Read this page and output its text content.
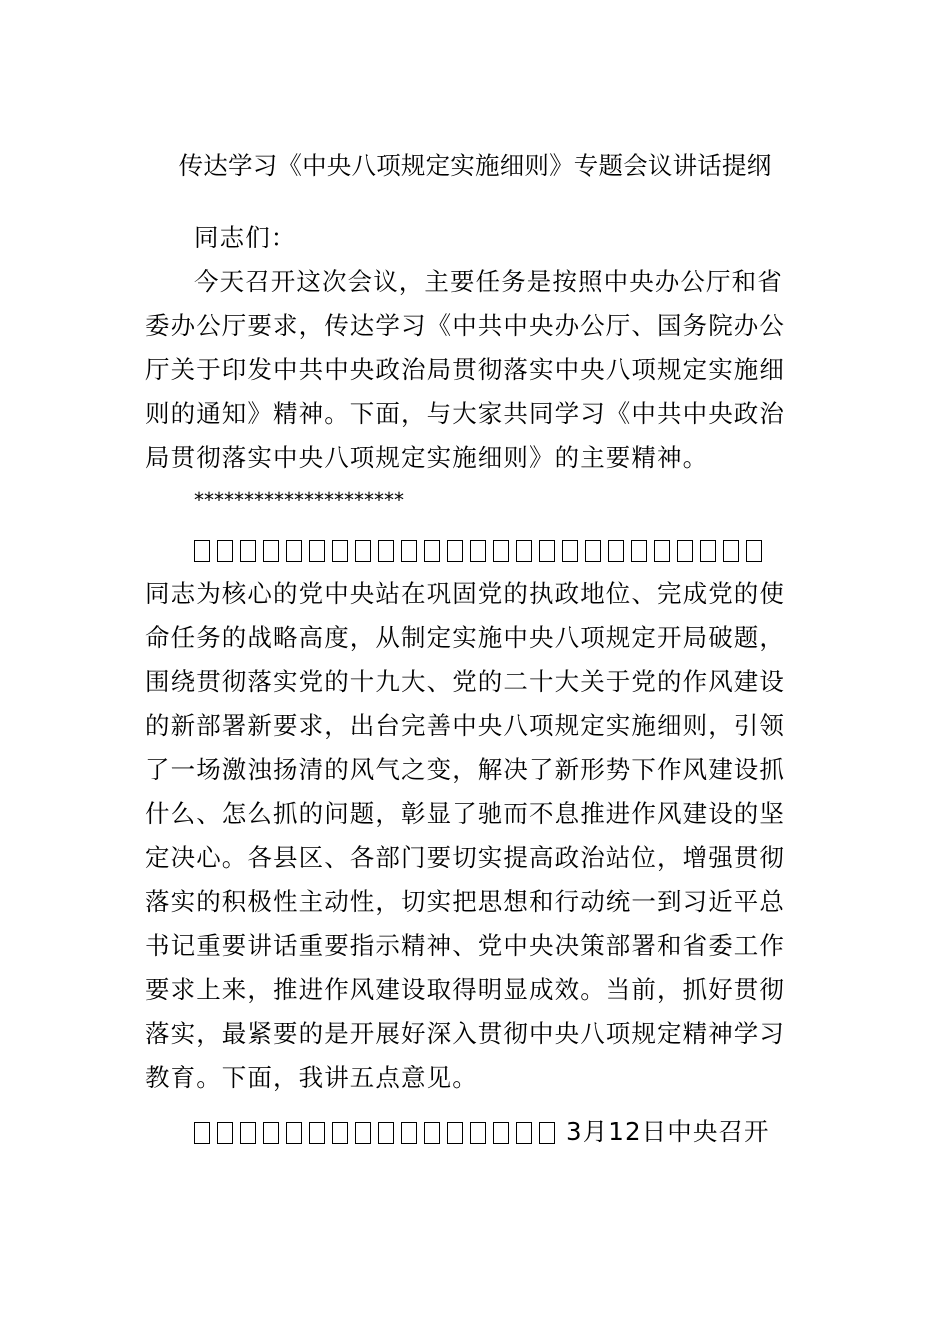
传达学习《中央八项规定实施细则》专题会议讲话提纲
同志们：
今天召开这次会议，主要任务是按照中央办公厅和省
委办公厅要求，传达学习《中共中央办公厅、国务院办公
厅关于印发中共中央政治局贯彻落实中央八项规定实施细
则的通知》精神。下面，与大家共同学习《中共中央政治
局贯彻落实中央八项规定实施细则》的主要精神。
*********************
同志为核心的党中央站在巩固党的执政地位、完成党的使
命任务的战略高度，从制定实施中央八项规定开局破题，
围绕贯彻落实党的十九大、党的二十大关于党的作风建设
的新部署新要求，出台完善中央八项规定实施细则，引领
了一场激浊扬清的风气之变，解决了新形势下作风建设抓
什么、怎么抓的问题，彰显了驰而不息推进作风建设的坚
定决心。各县区、各部门要切实提高政治站位，增强贯彻
落实的积极性主动性，切实把思想和行动统一到习近平总
书记重要讲话重要指示精神、党中央决策部署和省委工作
要求上来，推进作风建设取得明显成效。当前，抓好贯彻
落实，最紧要的是开展好深入贯彻中央八项规定精神学习
教育。下面，我讲五点意见。
3月12日中央召开
